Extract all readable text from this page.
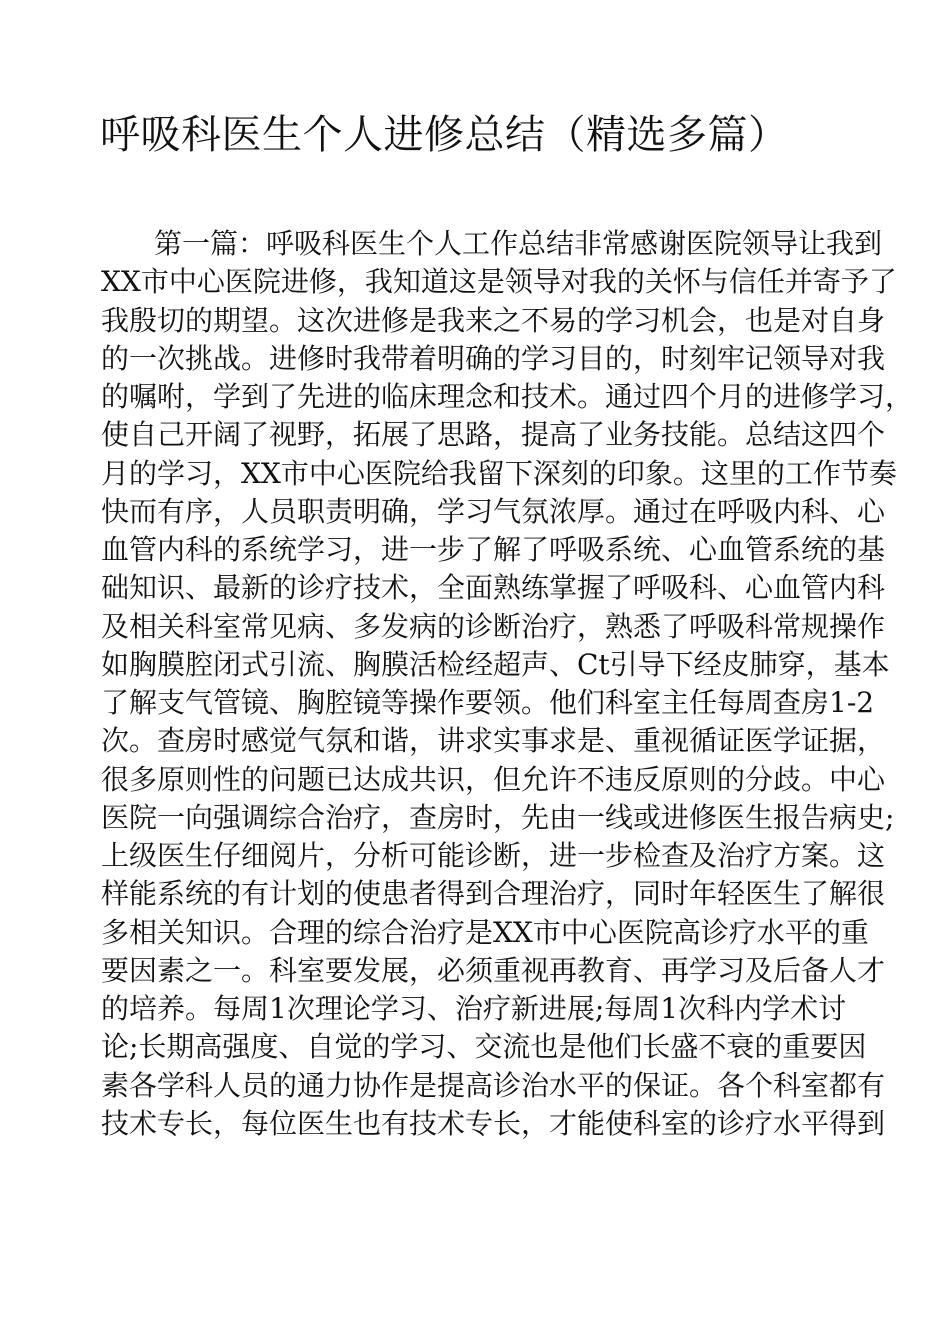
呼吸科医生个人进修总结（精选多篇）
第一篇：呼吸科医生个人工作总结非常感谢医院领导让我到
XX市中心医院进修，我知道这是领导对我的关怀与信任并寄予了
我殷切的期望。这次进修是我来之不易的学习机会，也是对自身
的一次挑战。进修时我带着明确的学习目的，时刻牢记领导对我
的嘱咐，学到了先进的临床理念和技术。通过四个月的进修学习，
使自己开阔了视野，拓展了思路，提高了业务技能。总结这四个
月的学习，XX市中心医院给我留下深刻的印象。这里的工作节奏
快而有序，人员职责明确，学习气氛浓厚。通过在呼吸内科、心
血管内科的系统学习，进一步了解了呼吸系统、心血管系统的基
础知识、最新的诊疗技术，全面熟练掌握了呼吸科、心血管内科
及相关科室常见病、多发病的诊断治疗，熟悉了呼吸科常规操作
如胸膜腔闭式引流、胸膜活检经超声、Ct引导下经皮肺穿，基本
了解支气管镜、胸腔镜等操作要领。他们科室主任每周查房1-2
次。查房时感觉气氛和谐，讲求实事求是、重视循证医学证据，
很多原则性的问题已达成共识，但允许不违反原则的分歧。中心
医院一向强调综合治疗，查房时，先由一线或进修医生报告病史;
上级医生仔细阅片，分析可能诊断，进一步检查及治疗方案。这
样能系统的有计划的使患者得到合理治疗，同时年轻医生了解很
多相关知识。合理的综合治疗是XX市中心医院高诊疗水平的重
要因素之一。科室要发展，必须重视再教育、再学习及后备人才
的培养。每周1次理论学习、治疗新进展;每周1次科内学术讨
论;长期高强度、自觉的学习、交流也是他们长盛不衰的重要因
素各学科人员的通力协作是提高诊治水平的保证。各个科室都有
技术专长，每位医生也有技术专长，才能使科室的诊疗水平得到
